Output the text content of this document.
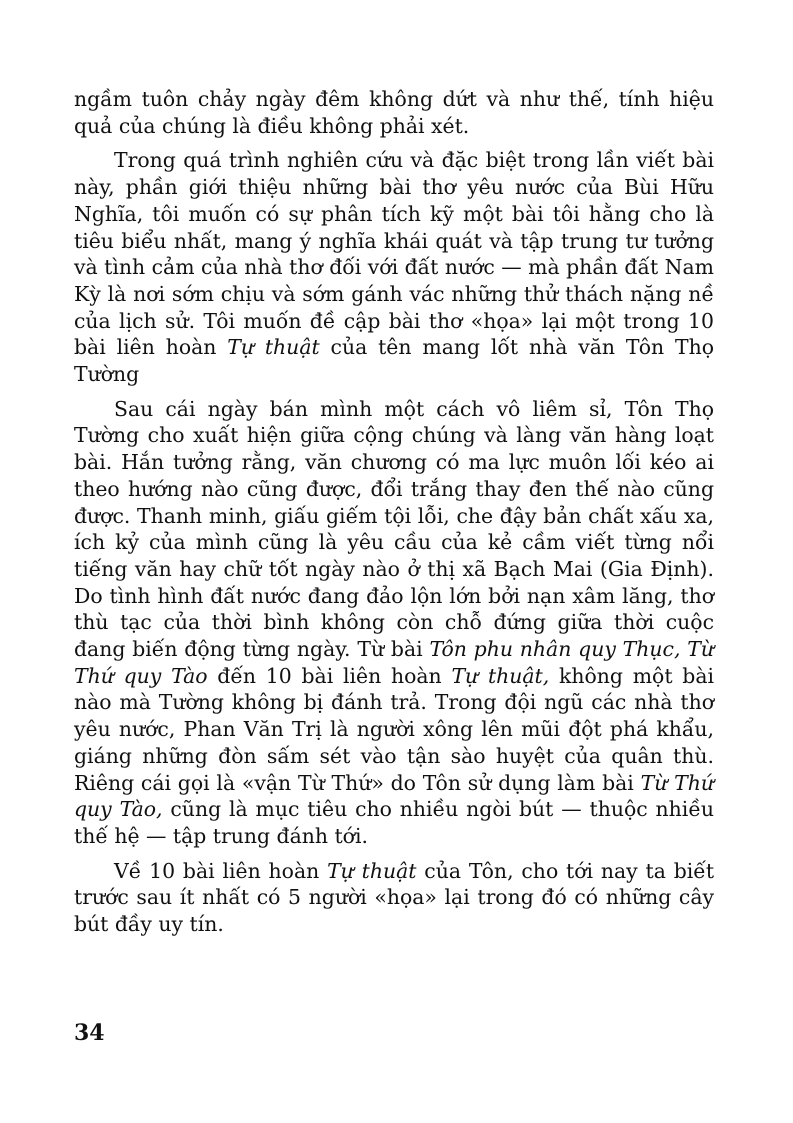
ngầm tuôn chảy ngày đêm không dứt và như thế, tính hiệu quả của chúng là điều không phải xét.

Trong quá trình nghiên cứu và đặc biệt trong lần viết bài này, phần giới thiệu những bài thơ yêu nước của Bùi Hữu Nghĩa, tôi muốn có sự phân tích kỹ một bài tôi hằng cho là tiêu biểu nhất, mang ý nghĩa khái quát và tập trung tư tưởng và tình cảm của nhà thơ đối với đất nước — mà phần đất Nam Kỳ là nơi sớm chịu và sớm gánh vác những thử thách nặng nề của lịch sử. Tôi muốn đề cập bài thơ «họa» lại một trong 10 bài liên hoàn Tự thuật của tên mang lốt nhà văn Tôn Thọ Tường

Sau cái ngày bán mình một cách vô liêm sỉ, Tôn Thọ Tường cho xuất hiện giữa cộng chúng và làng văn hàng loạt bài. Hắn tưởng rằng, văn chương có ma lực muôn lối kéo ai theo hướng nào cũng được, đổi trắng thay đen thế nào cũng được. Thanh minh, giấu giếm tội lỗi, che đậy bản chất xấu xa, ích kỷ của mình cũng là yêu cầu của kẻ cầm viết từng nổi tiếng văn hay chữ tốt ngày nào ở thị xã Bạch Mai (Gia Định). Do tình hình đất nước đang đảo lộn lớn bởi nạn xâm lăng, thơ thù tạc của thời bình không còn chỗ đứng giữa thời cuộc đang biến động từng ngày. Từ bài Tôn phu nhân quy Thục, Từ Thứ quy Tào đến 10 bài liên hoàn Tự thuật, không một bài nào mà Tường không bị đánh trả. Trong đội ngũ các nhà thơ yêu nước, Phan Văn Trị là người xông lên mũi đột phá khẩu, giáng những đòn sấm sét vào tận sào huyệt của quân thù. Riêng cái gọi là «vận Từ Thứ» do Tôn sử dụng làm bài Từ Thứ quy Tào, cũng là mục tiêu cho nhiều ngòi bút — thuộc nhiều thế hệ — tập trung đánh tới.

Về 10 bài liên hoàn Tự thuật của Tôn, cho tới nay ta biết trước sau ít nhất có 5 người «họa» lại trong đó có những cây bút đầy uy tín.

34
